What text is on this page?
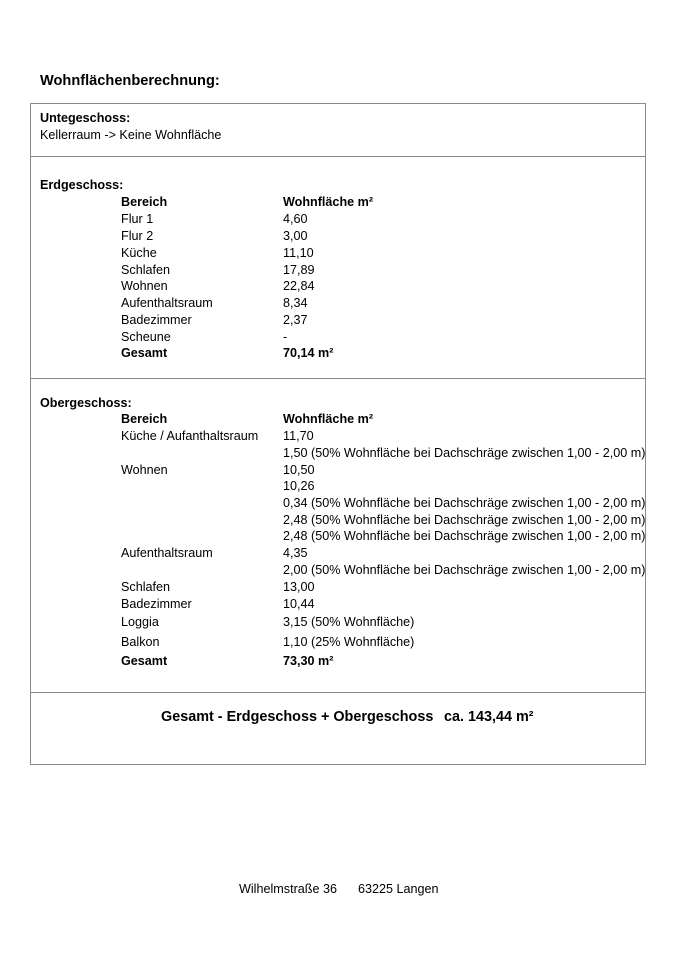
Wohnflächenberechnung:
Untegeschoss:
Kellerraum -> Keine Wohnfläche
Erdgeschoss:
Bereich	Wohnfläche m²
Flur 1	4,60
Flur 2	3,00
Küche	11,10
Schlafen	17,89
Wohnen	22,84
Aufenthaltsraum	8,34
Badezimmer	2,37
Scheune	-
Gesamt	70,14 m²
Obergeschoss:
Bereich	Wohnfläche m²
Küche / Aufanthaltsraum 11,70
1,50 (50% Wohnfläche bei Dachschräge zwischen 1,00 - 2,00 m)
Wohnen	10,50
10,26
0,34 (50% Wohnfläche bei Dachschräge zwischen 1,00 - 2,00 m)
2,48 (50% Wohnfläche bei Dachschräge zwischen 1,00 - 2,00 m)
2,48 (50% Wohnfläche bei Dachschräge zwischen 1,00 - 2,00 m)
Aufenthaltsraum	4,35
2,00 (50% Wohnfläche bei Dachschräge zwischen 1,00 - 2,00 m)
Schlafen	13,00
Badezimmer	10,44
Loggia	3,15 (50% Wohnfläche)
Balkon	1,10 (25% Wohnfläche)
Gesamt	73,30 m²
Gesamt - Erdgeschoss + Obergeschoss ca. 143,44 m²
Wilhelmstraße 36 63225 Langen
